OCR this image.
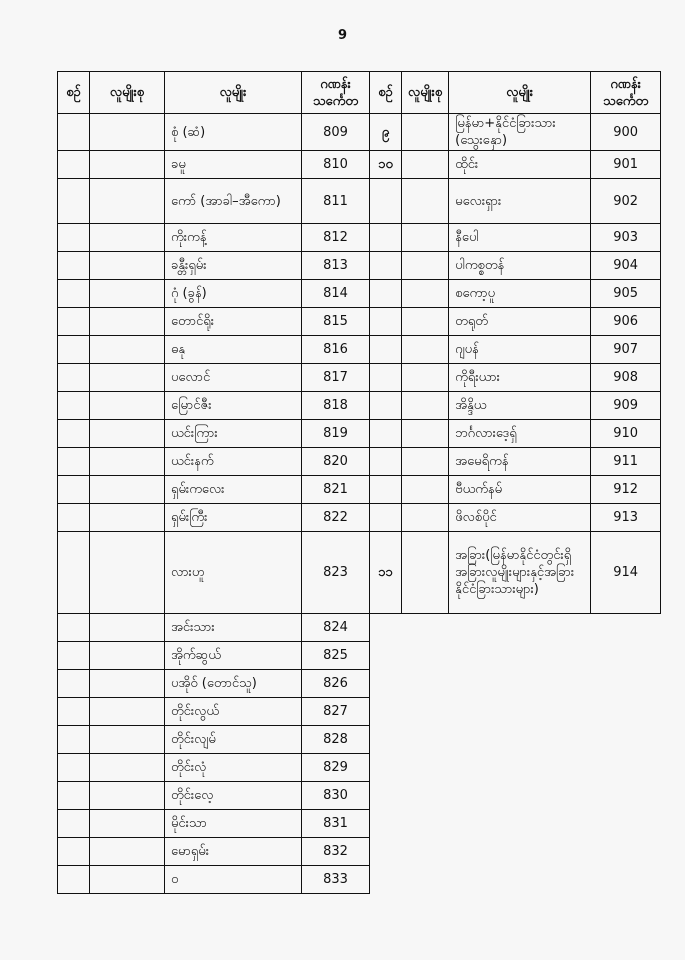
9
စဥ်	လူမျိုးစု	လူမျိုး	ဂဏန်း သင်္ကေတ	စဥ်	လူမျိုးစု	လူမျိုး	ဂဏန်း သင်္ကေတ
		စုံ (ဆံ)	809	၉		မြန်မာ+နိုင်ငံခြားသား (သွေးနှော)	900
		ခမူ	810	၁၀		ထိုင်း	901
		ကော် (အာခါ–အီကော)	811			မလေးရှား	902
		ကိုးကန့်	812			နီပေါ	903
		ခန္တီးရှမ်း	813			ပါကစ္စတန်	904
		ဂုံ (ခွန်)	814			စကော့ပူ	905
		တောင်ရိုး	815			တရုတ်	906
		ဓနု	816			ဂျပန်	907
		ပလောင်	817			ကိုရီးယား	908
		မြောင်ဇီး	818			အိန္ဒိယ	909
		ယင်းကြား	819			ဘင်္ဂလားဒေ့ရှ်	910
		ယင်းနက်	820			အမေရိကန်	911
		ရှမ်းကလေး	821			ဗီယက်နမ်	912
		ရှမ်းကြီး	822			ဖိလစ်ပိုင်	913
		လားဟူ	823	၁၁		အခြား(မြန်မာနိုင်ငံတွင်းရှိ အခြားလူမျိုးများနှင့်အခြား နိုင်ငံခြားသားများ)	914
		အင်းသား	824				
		အိုက်ဆွယ်	825				
		ပအိုဝ် (တောင်သူ)	826				
		တိုင်းလွယ်	827				
		တိုင်းလျမ်	828				
		တိုင်းလုံ	829				
		တိုင်းလေ့	830				
		မိုင်းသာ	831				
		မောရှမ်း	832				
		ဝ	833				
